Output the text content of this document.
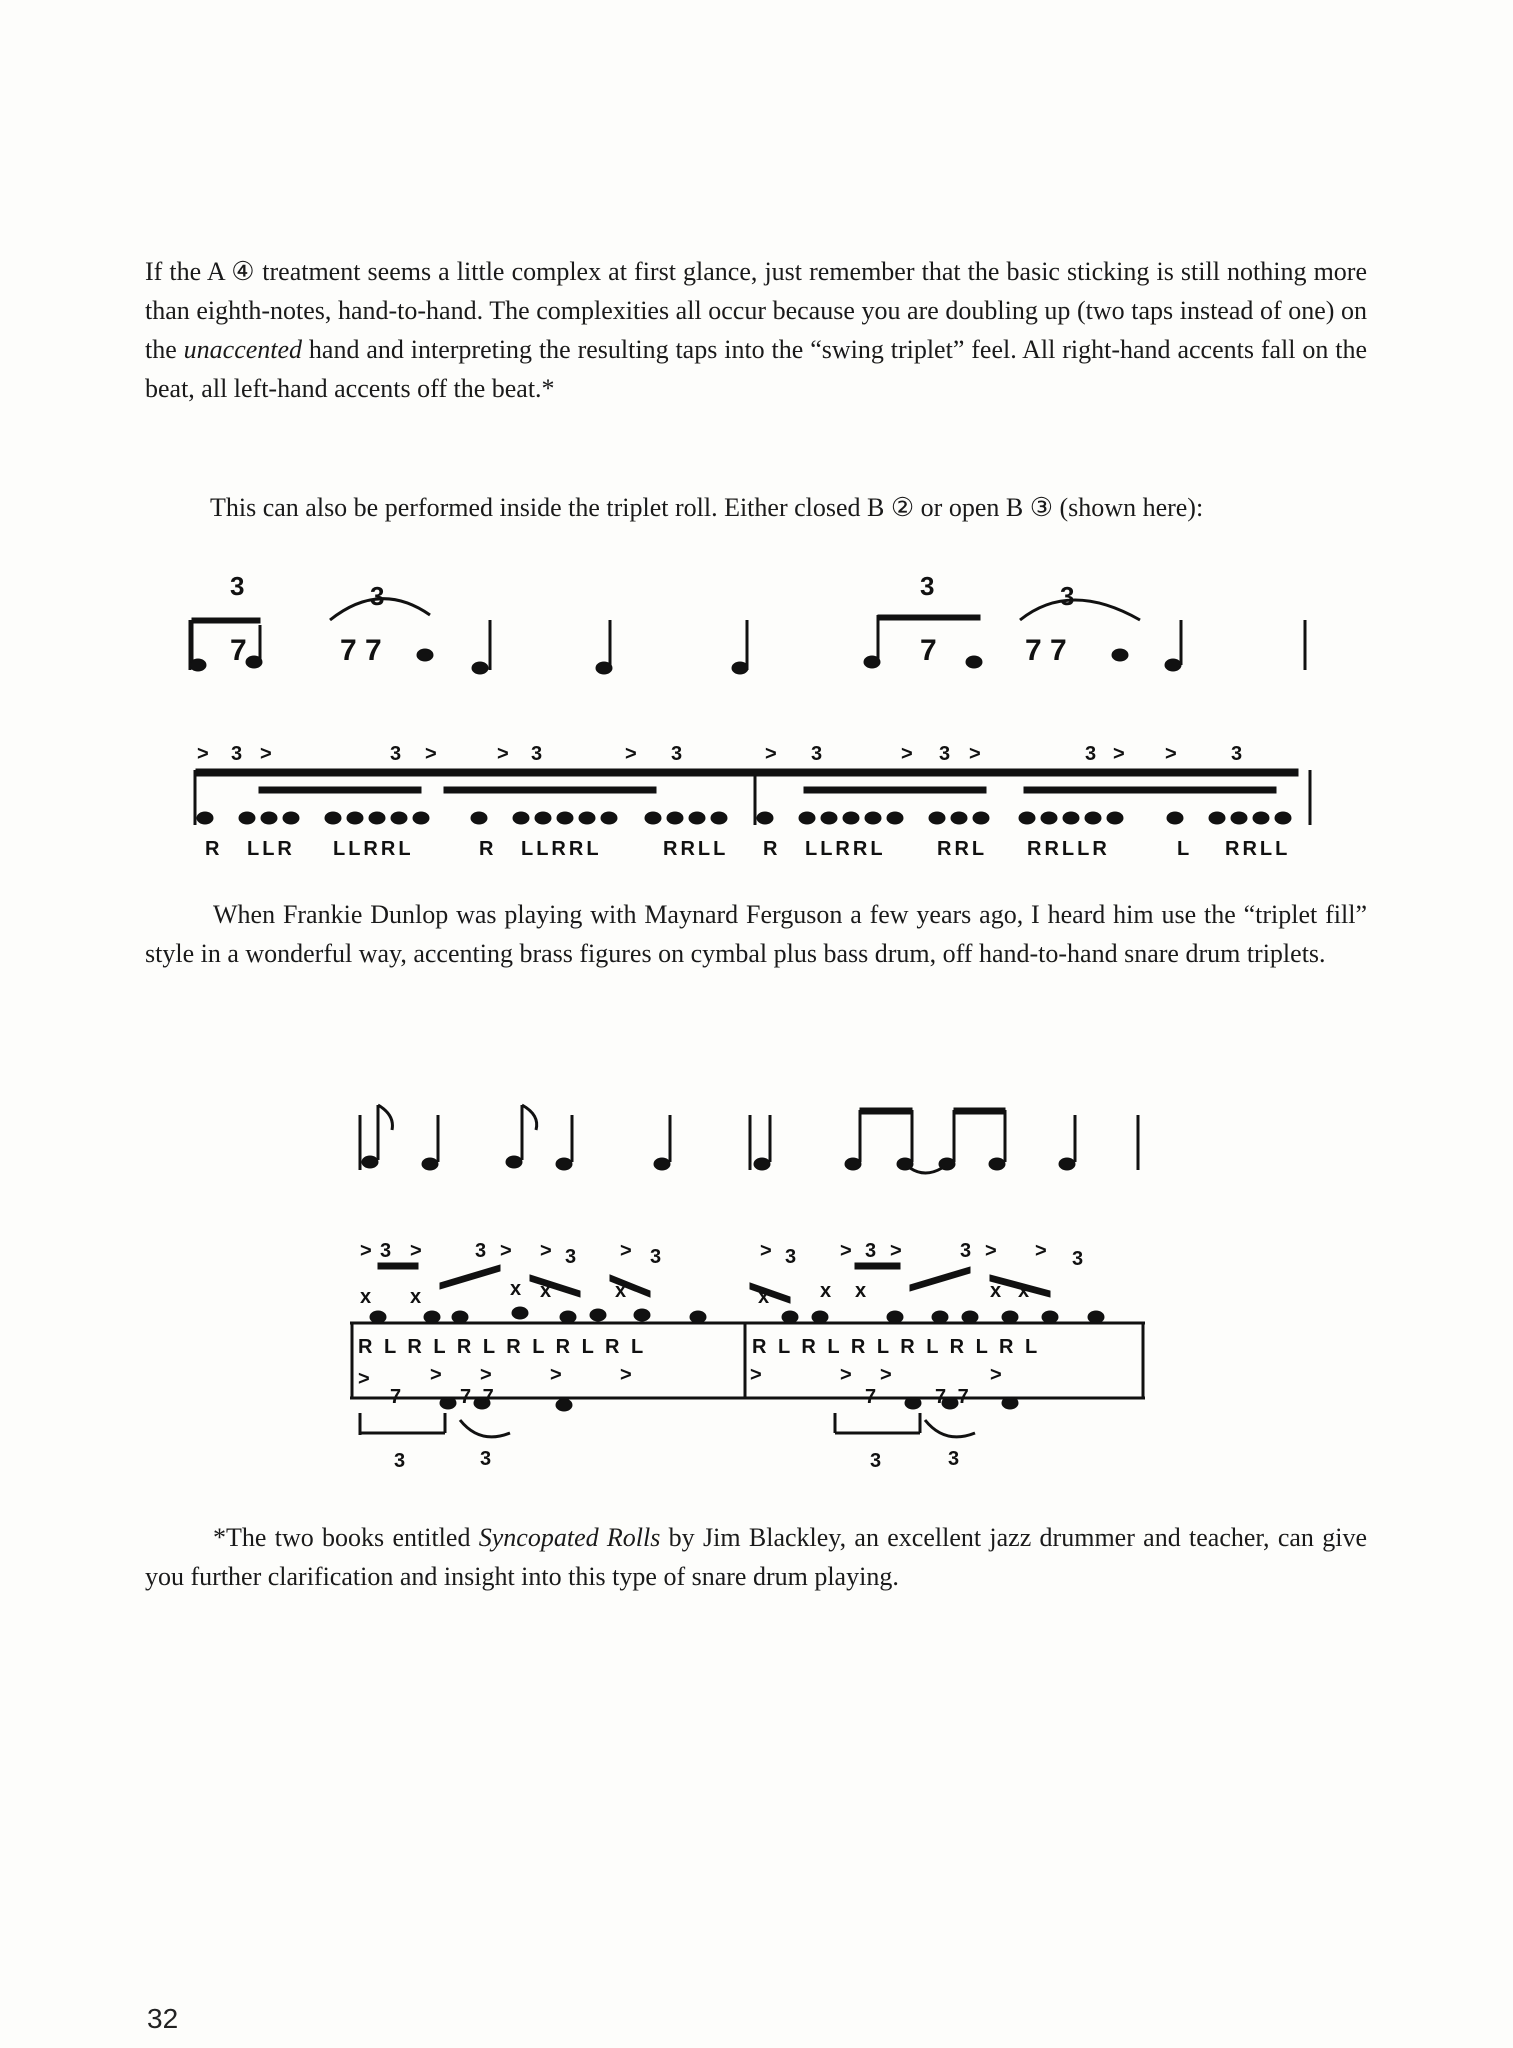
If the A ④ treatment seems a little complex at first glance, just remember that the basic sticking is still nothing more than eighth-notes, hand-to-hand. The complexities all occur because you are doubling up (two taps instead of one) on the unaccented hand and interpreting the resulting taps into the “swing triplet” feel. All right-hand accents fall on the beat, all left-hand accents off the beat.*

This can also be performed inside the triplet roll. Either closed B ② or open B ③ (shown here):

3	3	3	3
7	7 7	7	7 7
> >	>	>	>	>	>	> >
>
3	3	3	3	3	3	3	3
R LLR LLRRL	R LLRRL	RRLL R LLRRL	RRL RRLLR	L RRLL

When Frankie Dunlop was playing with Maynard Ferguson a few years ago, I heard him use the “triplet fill” style in a wonderful way, accenting brass figures on cymbal plus bass drum, off hand-to-hand snare drum triplets.

> >	> >	>	>	> >	> >
3	3	3	3	3	3	3	3
x x	x x	x	x x x	x x
R L R L R L R L R L R L	R L R L R L R L R L R L
>	> >	>	>	>	> >	>
7	7 7	7	7 7
3	3	3	3

*The two books entitled Syncopated Rolls by Jim Blackley, an excellent jazz drummer and teacher, can give you further clarification and insight into this type of snare drum playing.

32
